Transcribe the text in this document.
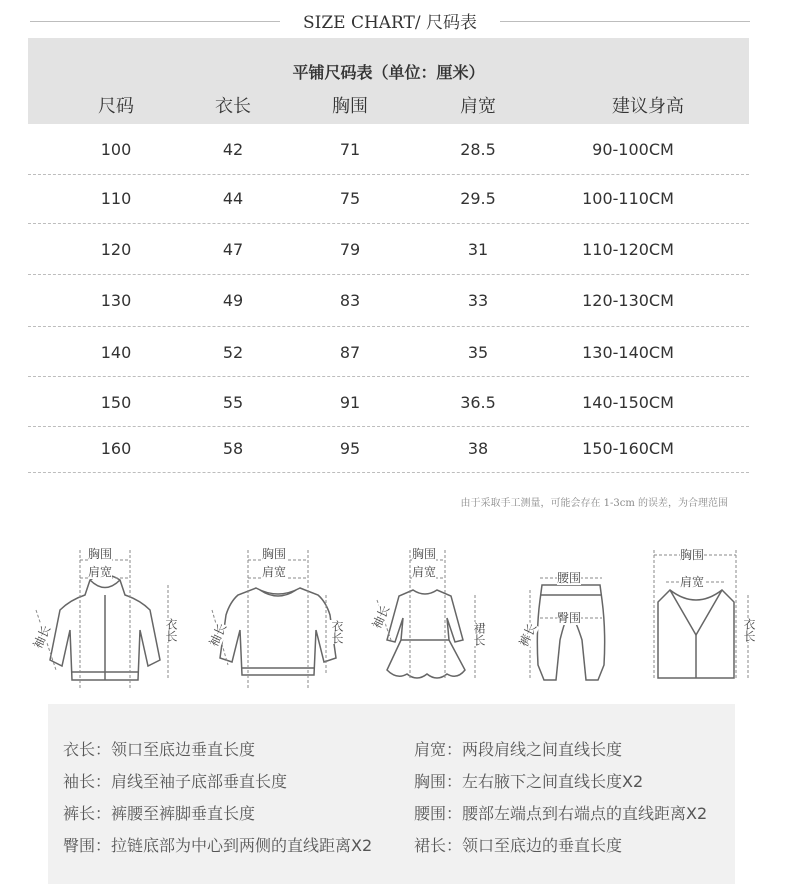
SIZE CHART/ 尺码表
平铺尺码表（单位：厘米）
尺码	衣长	胸围	肩宽	建议身高
100	42	71	28.5	90-100CM
110	44	75	29.5	100-110CM
120	47	79	31	110-120CM
130	49	83	33	120-130CM
140	52	87	35	130-140CM
150	55	91	36.5	140-150CM
160	58	95	38	150-160CM
由于采取手工测量，可能会存在 1-3cm 的误差，为合理范围
胸围
肩宽
袖长	衣长
胸围
肩宽
袖长	衣长
胸围
肩宽
袖长
裙长
腰围
臀围
裤长
胸围
肩宽
衣长
衣长：领口至底边垂直长度
袖长：肩线至袖子底部垂直长度
裤长：裤腰至裤脚垂直长度
臀围：拉链底部为中心到两侧的直线距离X2
肩宽：两段肩线之间直线长度
胸围：左右腋下之间直线长度X2
腰围：腰部左端点到右端点的直线距离X2
裙长：领口至底边的垂直长度
